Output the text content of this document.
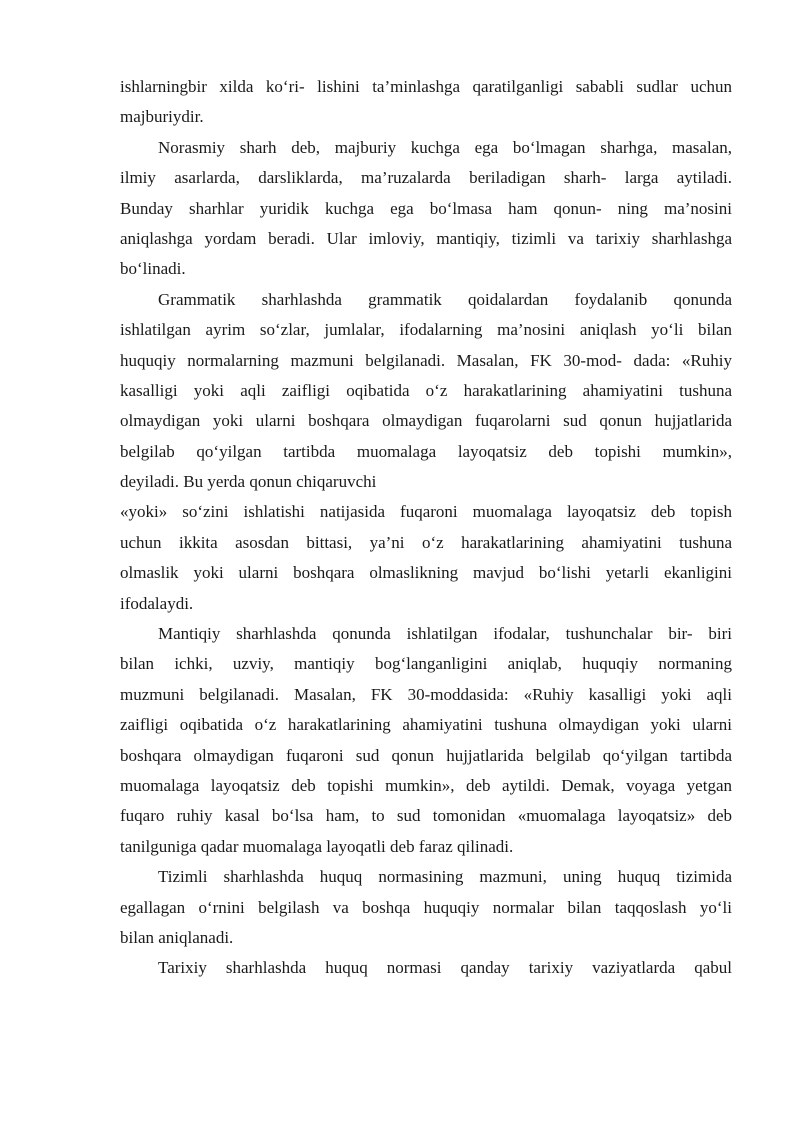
ishlarningbir xilda ko‘ri- lishini ta’minlashga qaratilganligi sababli sudlar uchun
majburiydir.
Norasmiy sharh deb, majburiy kuchga ega bo‘lmagan sharhga, masalan,
ilmiy asarlarda, darsliklarda, ma’ruzalarda beriladigan sharh- larga aytiladi.
Bunday sharhlar yuridik kuchga ega bo‘lmasa ham qonun- ning ma’nosini
aniqlashga yordam beradi. Ular imloviy, mantiqiy, tizimli va tarixiy sharhlashga
bo‘linadi.
Grammatik sharhlashda grammatik qoidalardan foydalanib qonunda
ishlatilgan ayrim so‘zlar, jumlalar, ifodalarning ma’nosini aniqlash yo‘li bilan
huquqiy normalarning mazmuni belgilanadi. Masalan, FK 30-mod- dada: «Ruhiy
kasalligi yoki aqli zaifligi oqibatida o‘z harakatlarining ahamiyatini tushuna
olmaydigan yoki ularni boshqara olmaydigan fuqarolarni sud qonun hujjatlarida
belgilab qo‘yilgan tartibda muomalaga layoqatsiz deb topishi mumkin»,
deyiladi. Bu yerda qonun chiqaruvchi
«yoki» so‘zini ishlatishi natijasida fuqaroni muomalaga layoqatsiz deb topish
uchun ikkita asosdan bittasi, ya’ni o‘z harakatlarining ahamiyatini tushuna
olmaslik yoki ularni boshqara olmaslikning mavjud bo‘lishi yetarli ekanligini
ifodalaydi.
Mantiqiy sharhlashda qonunda ishlatilgan ifodalar, tushunchalar bir- biri
bilan ichki, uzviy, mantiqiy bog‘langanligini aniqlab, huquqiy normaning
muzmuni belgilanadi. Masalan, FK 30-moddasida: «Ruhiy kasalligi yoki aqli
zaifligi oqibatida o‘z harakatlarining ahamiyatini tushuna olmaydigan yoki ularni
boshqara olmaydigan fuqaroni sud qonun hujjatlarida belgilab qo‘yilgan tartibda
muomalaga layoqatsiz deb topishi mumkin», deb aytildi. Demak, voyaga yetgan
fuqaro ruhiy kasal bo‘lsa ham, to sud tomonidan «muomalaga layoqatsiz» deb
tanilguniga qadar muomalaga layoqatli deb faraz qilinadi.
Tizimli sharhlashda huquq normasining mazmuni, uning huquq tizimida
egallagan o‘rnini belgilash va boshqa huquqiy normalar bilan taqqoslash yo‘li
bilan aniqlanadi.
Tarixiy sharhlashda huquq normasi qanday tarixiy vaziyatlarda qabul
